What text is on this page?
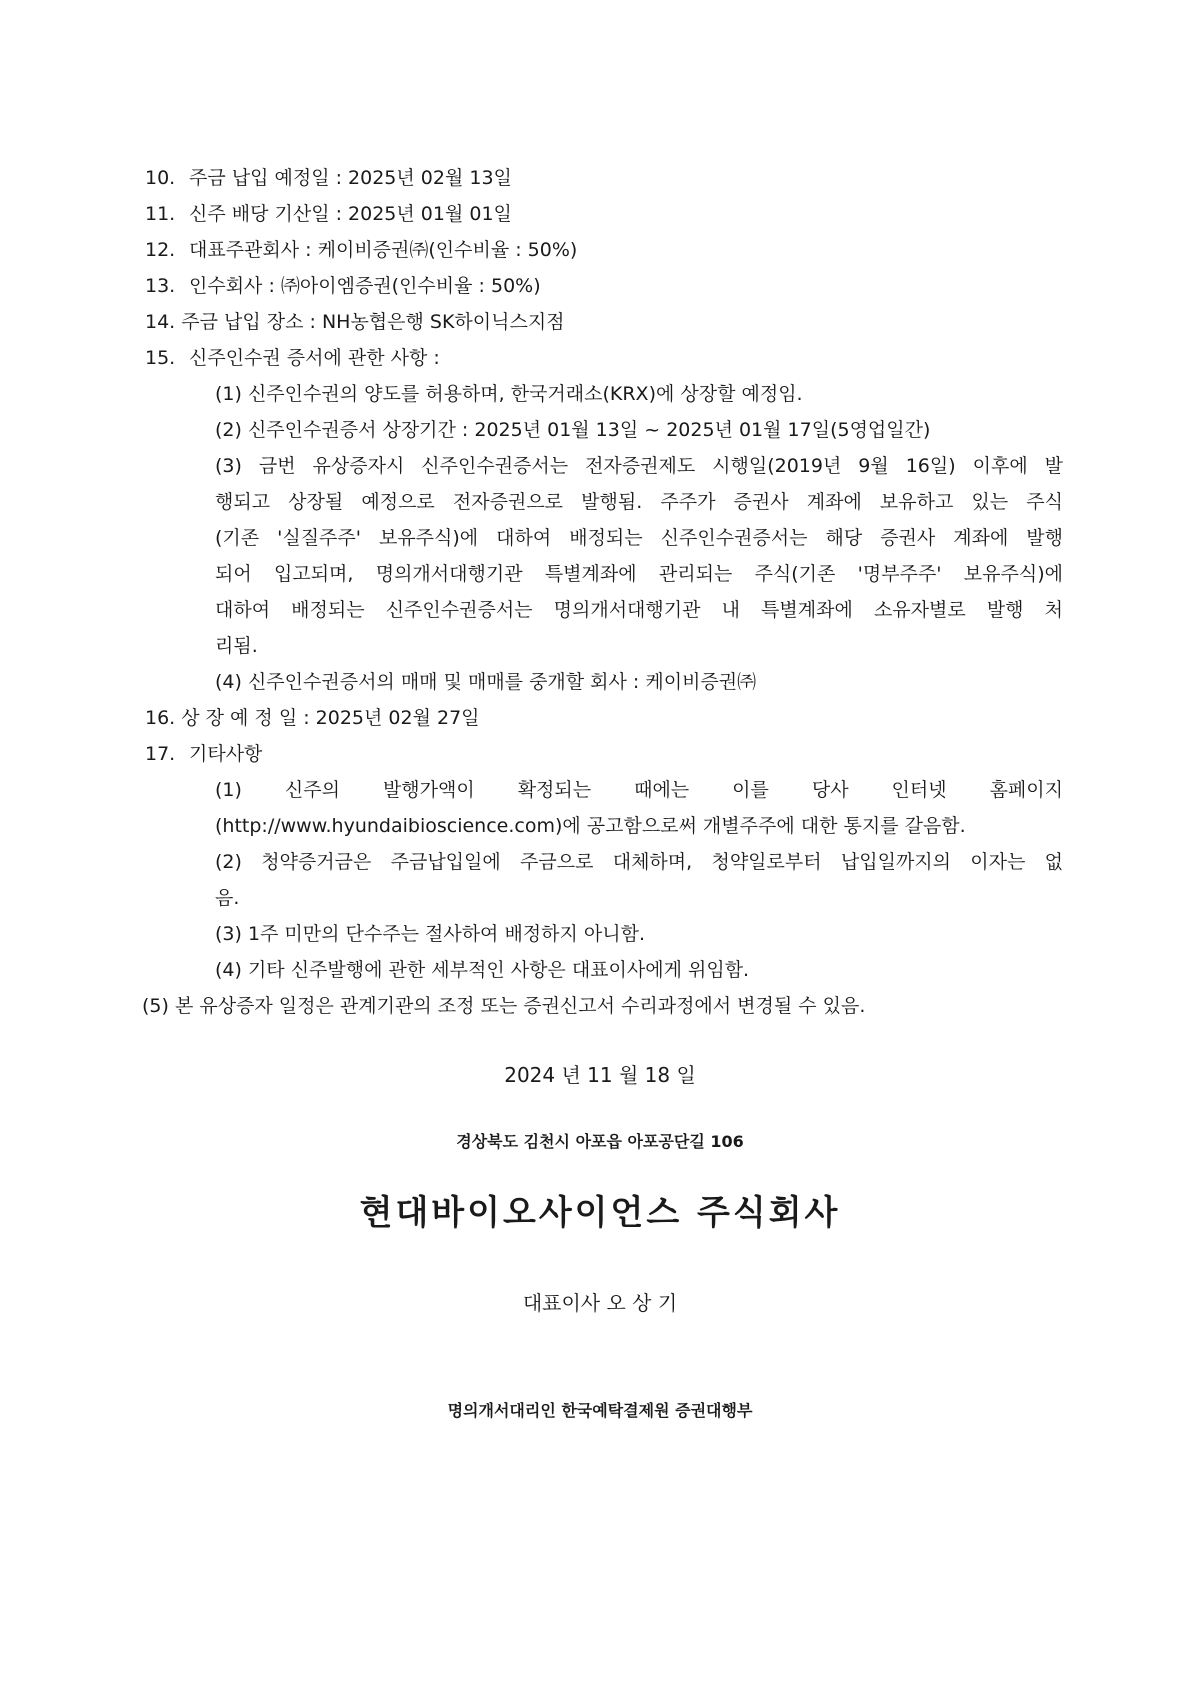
10. 주금 납입 예정일 : 2025년 02월 13일
11. 신주 배당 기산일 : 2025년 01월 01일
12. 대표주관회사 : 케이비증권㈜(인수비율 : 50%)
13. 인수회사 : ㈜아이엠증권(인수비율 : 50%)
14. 주금 납입 장소 : NH농협은행 SK하이닉스지점
15. 신주인수권 증서에 관한 사항 :
(1) 신주인수권의 양도를 허용하며, 한국거래소(KRX)에 상장할 예정임.
(2) 신주인수권증서 상장기간 : 2025년 01월 13일 ~ 2025년 01월 17일(5영업일간)
(3) 금번 유상증자시 신주인수권증서는 전자증권제도 시행일(2019년 9월 16일) 이후에 발
행되고 상장될 예정으로 전자증권으로 발행됨. 주주가 증권사 계좌에 보유하고 있는 주식
(기존 '실질주주' 보유주식)에 대하여 배정되는 신주인수권증서는 해당 증권사 계좌에 발행
되어 입고되며, 명의개서대행기관 특별계좌에 관리되는 주식(기존 '명부주주' 보유주식)에
대하여 배정되는 신주인수권증서는 명의개서대행기관 내 특별계좌에 소유자별로 발행 처
리됨.
(4) 신주인수권증서의 매매 및 매매를 중개할 회사 : 케이비증권㈜
16. 상 장 예 정 일 : 2025년 02월 27일
17. 기타사항
(1) 신주의 발행가액이 확정되는 때에는 이를 당사 인터넷 홈페이지
(http://www.hyundaibioscience.com)에 공고함으로써 개별주주에 대한 통지를 갈음함.
(2) 청약증거금은 주금납입일에 주금으로 대체하며, 청약일로부터 납입일까지의 이자는 없
음.
(3) 1주 미만의 단수주는 절사하여 배정하지 아니함.
(4) 기타 신주발행에 관한 세부적인 사항은 대표이사에게 위임함.
(5) 본 유상증자 일정은 관계기관의 조정 또는 증권신고서 수리과정에서 변경될 수 있음.
2024 년 11 월 18 일
경상북도 김천시 아포읍 아포공단길 106
현대바이오사이언스 주식회사
대표이사 오 상 기
명의개서대리인 한국예탁결제원 증권대행부
